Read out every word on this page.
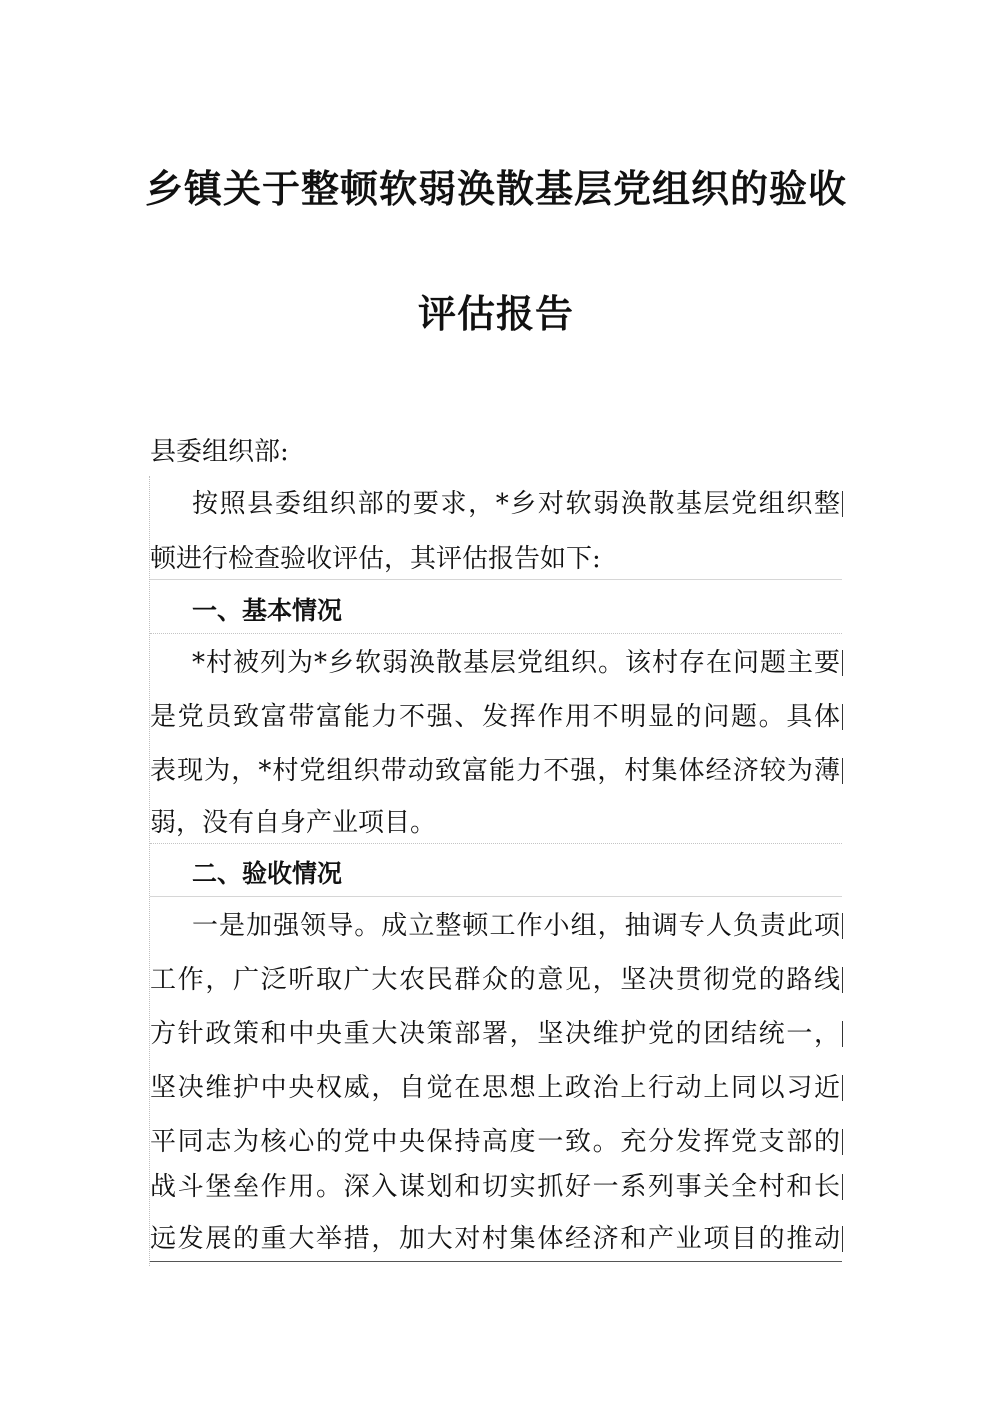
乡镇关于整顿软弱涣散基层党组织的验收
评估报告
县委组织部:
按照县委组织部的要求，*乡对软弱涣散基层党组织整
顿进行检查验收评估，其评估报告如下:
一、基本情况
*村被列为*乡软弱涣散基层党组织。该村存在问题主要
是党员致富带富能力不强、发挥作用不明显的问题。具体
表现为，*村党组织带动致富能力不强，村集体经济较为薄
弱，没有自身产业项目。
二、验收情况
一是加强领导。成立整顿工作小组，抽调专人负责此项
工作，广泛听取广大农民群众的意见，坚决贯彻党的路线
方针政策和中央重大决策部署，坚决维护党的团结统一，
坚决维护中央权威，自觉在思想上政治上行动上同以习近
平同志为核心的党中央保持高度一致。充分发挥党支部的
战斗堡垒作用。深入谋划和切实抓好一系列事关全村和长
远发展的重大举措，加大对村集体经济和产业项目的推动
